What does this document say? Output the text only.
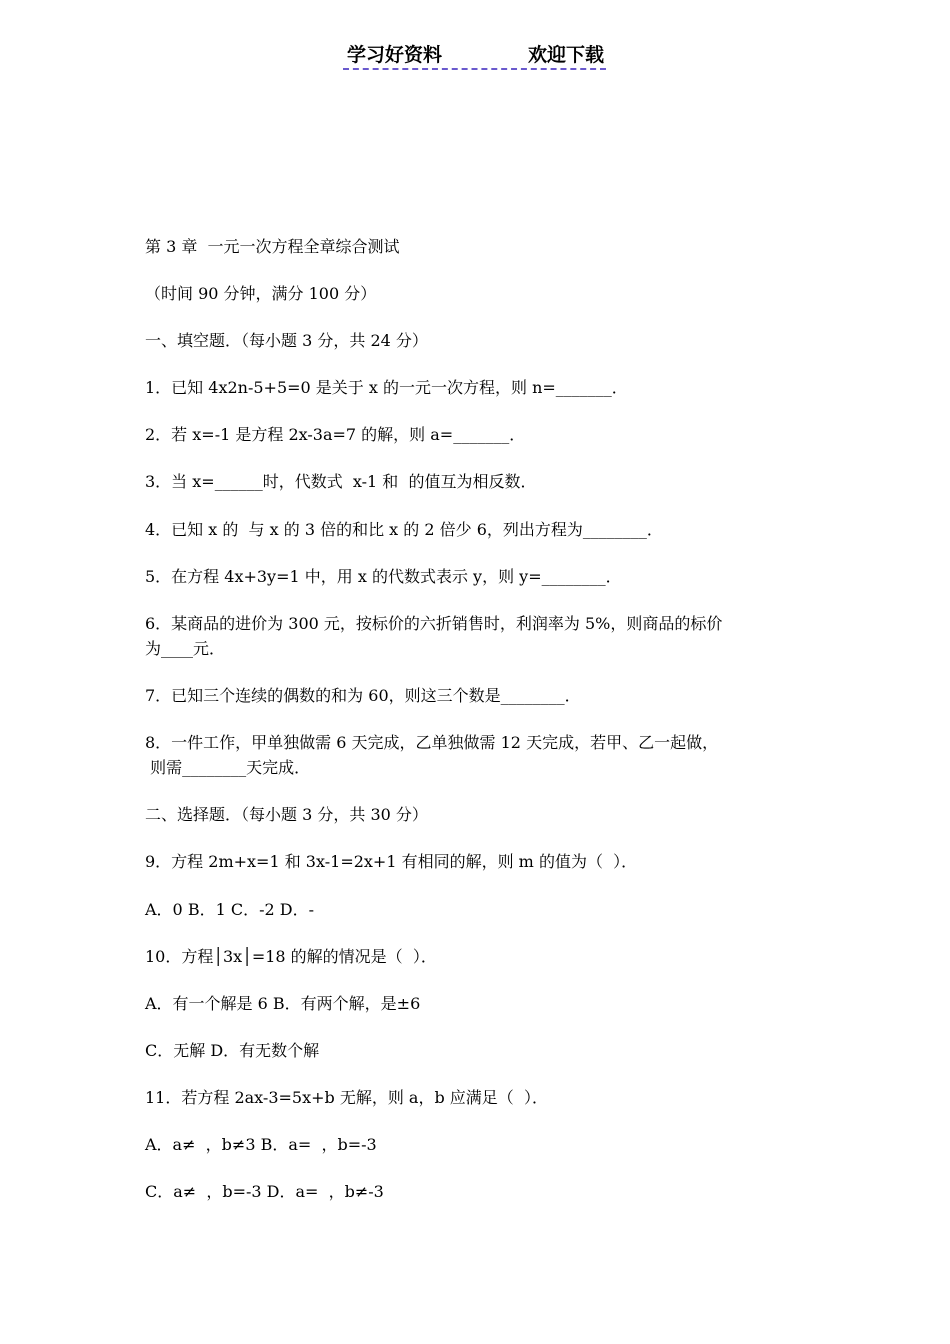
学习好资料	欢迎下载
第 3 章  一元一次方程全章综合测试
（时间 90 分钟，满分 100 分）
一、填空题．（每小题 3 分，共 24 分）
1．已知 4x2n-5+5=0 是关于 x 的一元一次方程，则 n=_______．
2．若 x=-1 是方程 2x-3a=7 的解，则 a=_______．
3．当 x=______时，代数式  x-1 和  的值互为相反数．
4．已知 x 的  与 x 的 3 倍的和比 x 的 2 倍少 6，列出方程为________．
5．在方程 4x+3y=1 中，用 x 的代数式表示 y，则 y=________．
6．某商品的进价为 300 元，按标价的六折销售时，利润率为 5%，则商品的标价
为____元．
7．已知三个连续的偶数的和为 60，则这三个数是________．
8．一件工作，甲单独做需 6 天完成，乙单独做需 12 天完成，若甲、乙一起做，
则需________天完成．
二、选择题．（每小题 3 分，共 30 分）
9．方程 2m+x=1 和 3x-1=2x+1 有相同的解，则 m 的值为（  ）．
A．0 B．1 C．-2 D．-
10．方程│3x│=18 的解的情况是（  ）．
A．有一个解是 6 B．有两个解，是±6
C．无解 D．有无数个解
11．若方程 2ax-3=5x+b 无解，则 a，b 应满足（  ）．
A．a≠  ，b≠3 B．a=  ，b=-3
C．a≠  ，b=-3 D．a=  ，b≠-3
